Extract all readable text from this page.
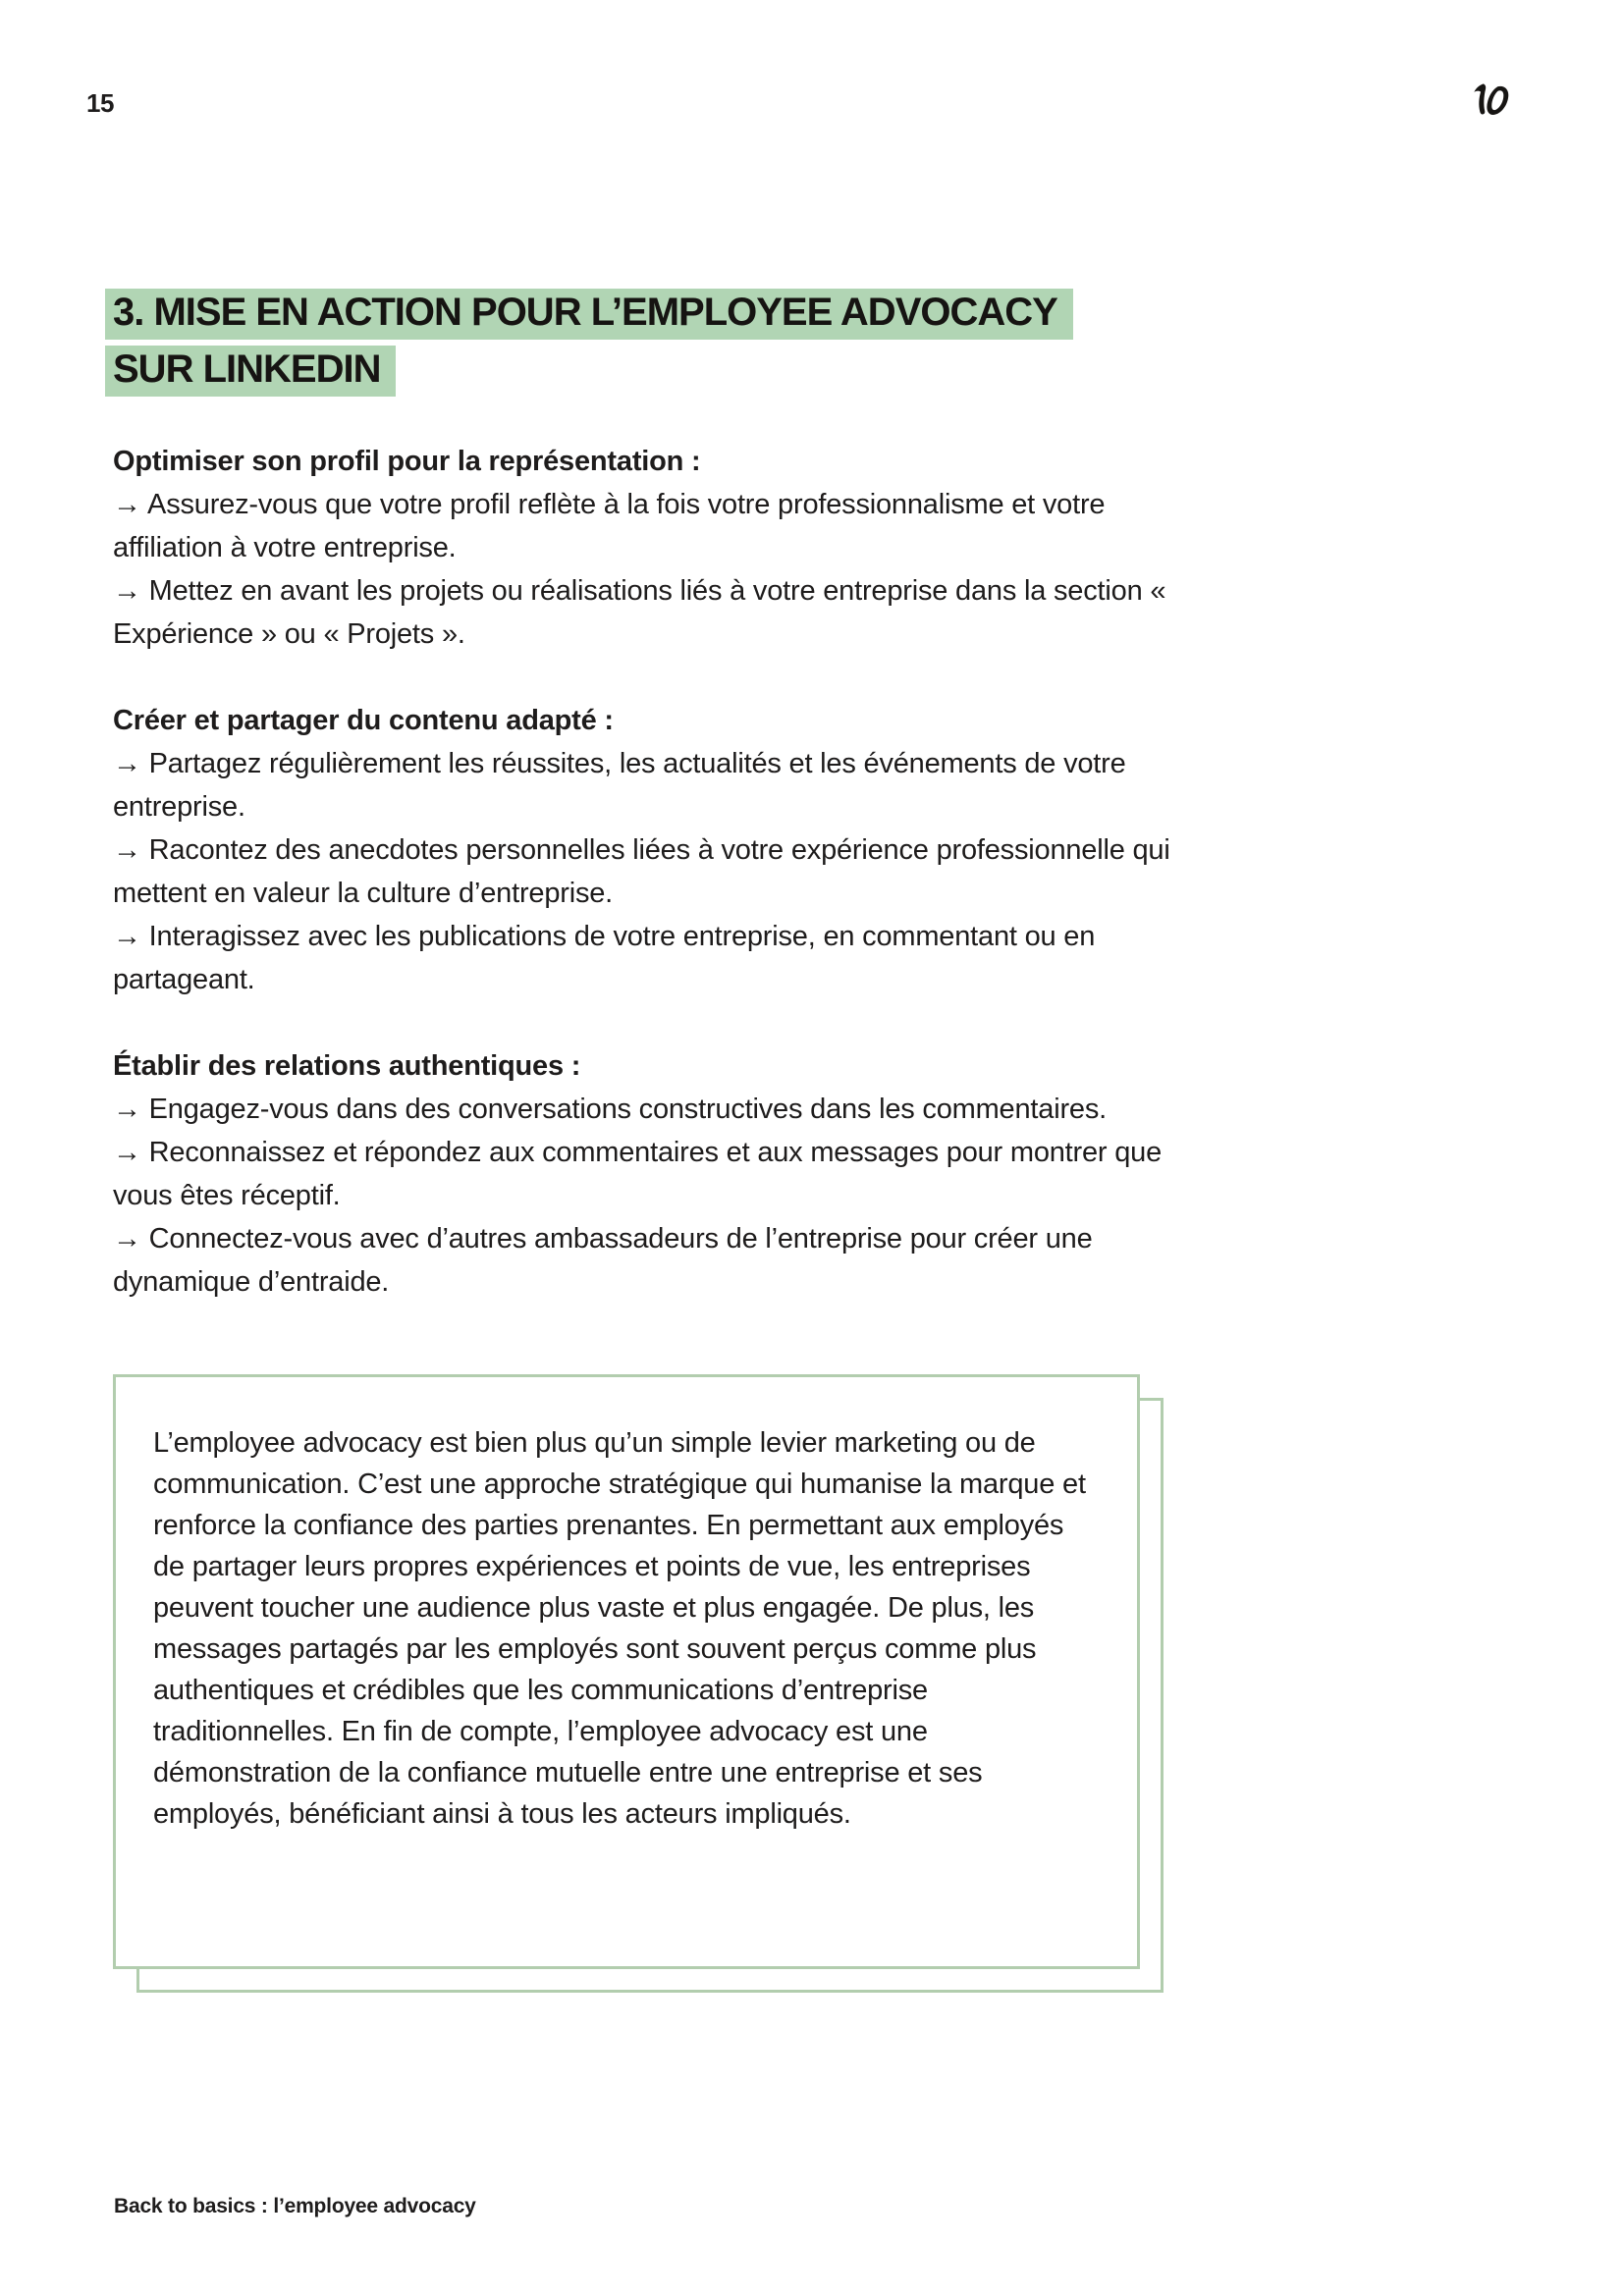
15
3. MISE EN ACTION POUR L’EMPLOYEE ADVOCACY
SUR LINKEDIN

Optimiser son profil pour la représentation :

→ Assurez-vous que votre profil reflète à la fois votre professionnalisme et votre affiliation à votre entreprise.

→ Mettez en avant les projets ou réalisations liés à votre entreprise dans la section « Expérience » ou « Projets ».

Créer et partager du contenu adapté :

→ Partagez régulièrement les réussites, les actualités et les événements de votre entreprise.

→ Racontez des anecdotes personnelles liées à votre expérience professionnelle qui mettent en valeur la culture d’entreprise.

→ Interagissez avec les publications de votre entreprise, en commentant ou en partageant.

Établir des relations authentiques :

→ Engagez-vous dans des conversations constructives dans les commentaires.

→ Reconnaissez et répondez aux commentaires et aux messages pour montrer que vous êtes réceptif.

→ Connectez-vous avec d’autres ambassadeurs de l’entreprise pour créer une dynamique d’entraide.

L’employee advocacy est bien plus qu’un simple levier marketing ou de communication. C’est une approche stratégique qui humanise la marque et renforce la confiance des parties prenantes. En permettant aux employés de partager leurs propres expériences et points de vue, les entreprises peuvent toucher une audience plus vaste et plus engagée. De plus, les messages partagés par les employés sont souvent perçus comme plus authentiques et crédibles que les communications d’entreprise traditionnelles. En fin de compte, l’employee advocacy est une démonstration de la confiance mutuelle entre une entreprise et ses employés, bénéficiant ainsi à tous les acteurs impliqués.

Back to basics : l’employee advocacy
